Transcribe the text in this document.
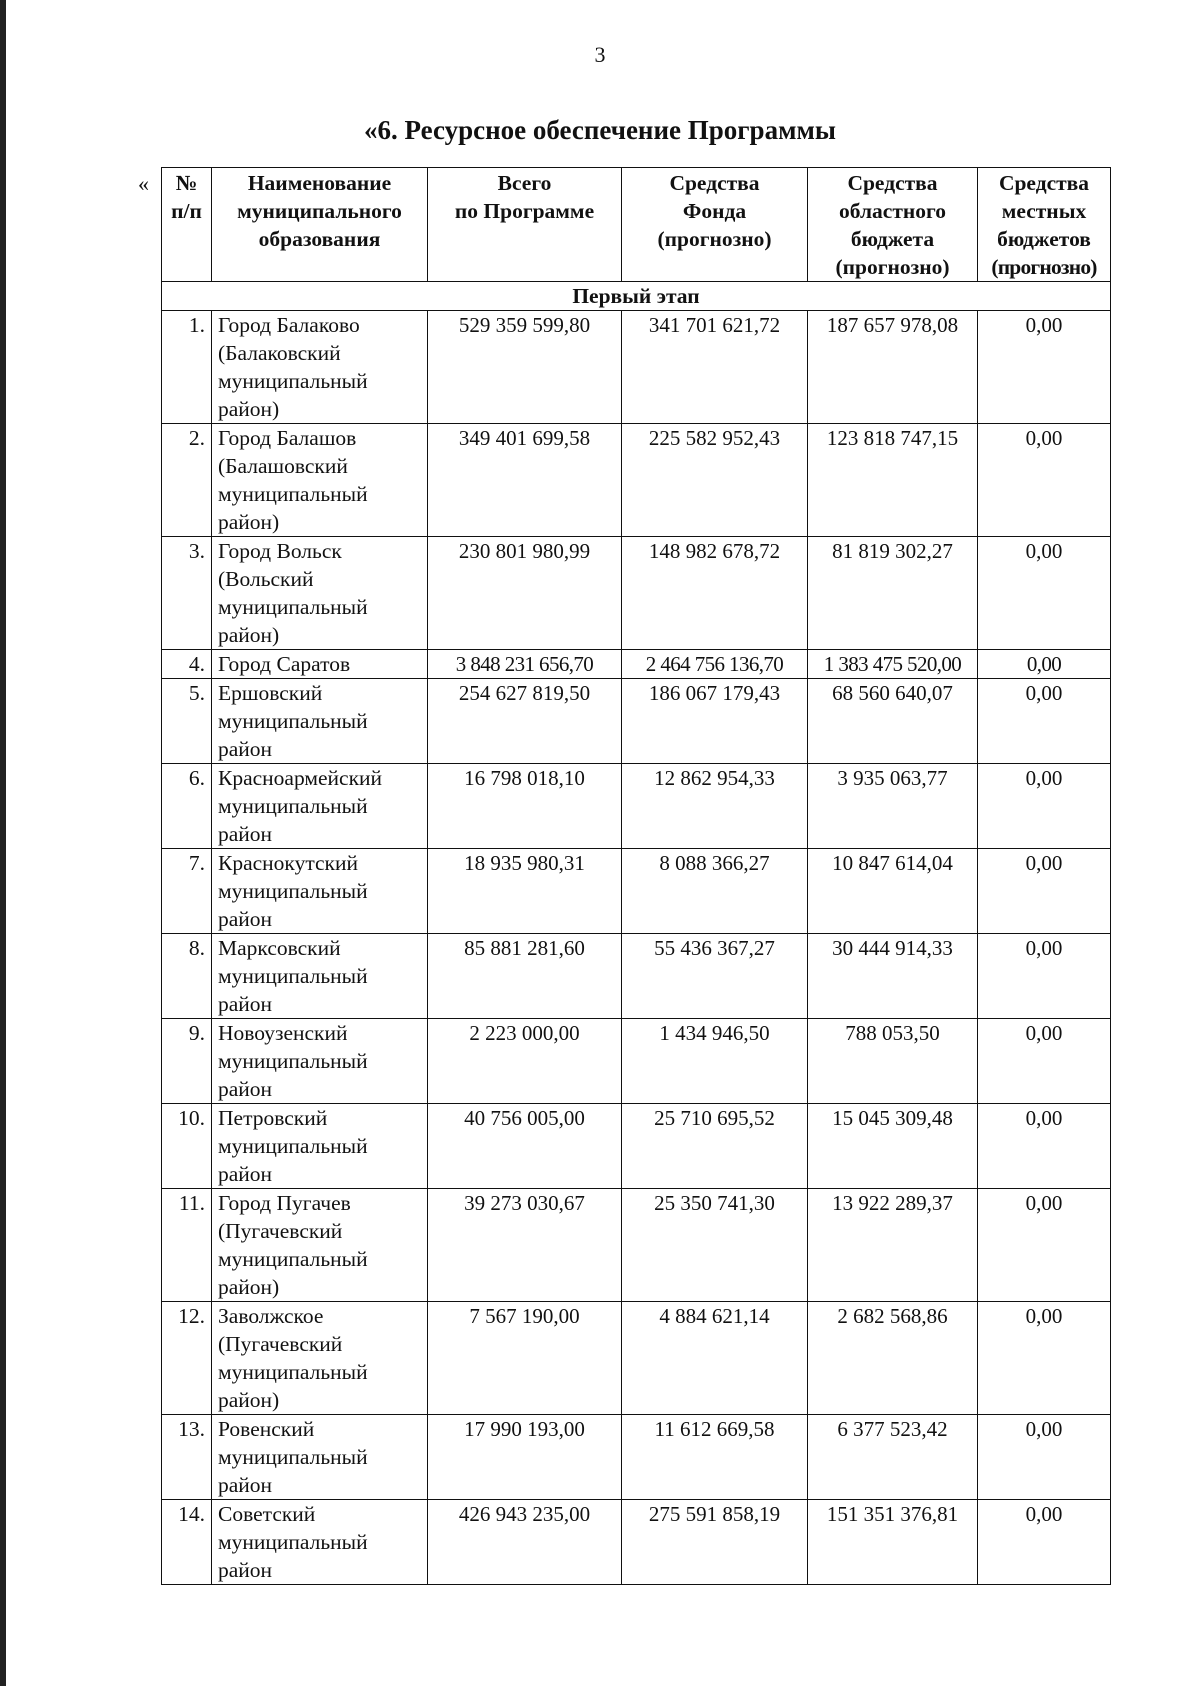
3
«6. Ресурсное обеспечение Программы
«	№
п/п	Наименование
муниципального
образования	Всего
по Программе	Средства
Фонда
(прогнозно)	Средства
областного
бюджета
(прогнозно)	Средства
местных
бюджетов
(прогнозно)

Первый этап					
1.	Город Балаково
(Балаковский
муниципальный
район)	529 359 599,80	341 701 621,72	187 657 978,08	0,00
2.	Город Балашов
(Балашовский
муниципальный
район)	349 401 699,58	225 582 952,43	123 818 747,15	0,00
3.	Город Вольск
(Вольский
муниципальный
район)	230 801 980,99	148 982 678,72	81 819 302,27	0,00
4.	Город Саратов	3 848 231 656,70	2 464 756 136,70	1 383 475 520,00	0,00
5.	Ершовский
муниципальный
район	254 627 819,50	186 067 179,43	68 560 640,07	0,00
6.	Красноармейский
муниципальный
район	16 798 018,10	12 862 954,33	3 935 063,77	0,00
7.	Краснокутский
муниципальный
район	18 935 980,31	8 088 366,27	10 847 614,04	0,00
8.	Марксовский
муниципальный
район	85 881 281,60	55 436 367,27	30 444 914,33	0,00
9.	Новоузенский
муниципальный
район	2 223 000,00	1 434 946,50	788 053,50	0,00
10.	Петровский
муниципальный
район	40 756 005,00	25 710 695,52	15 045 309,48	0,00
11.	Город Пугачев
(Пугачевский
муниципальный
район)	39 273 030,67	25 350 741,30	13 922 289,37	0,00
12.	Заволжское
(Пугачевский
муниципальный
район)	7 567 190,00	4 884 621,14	2 682 568,86	0,00
13.	Ровенский
муниципальный
район	17 990 193,00	11 612 669,58	6 377 523,42	0,00
14.	Советский
муниципальный
район	426 943 235,00	275 591 858,19	151 351 376,81	0,00
